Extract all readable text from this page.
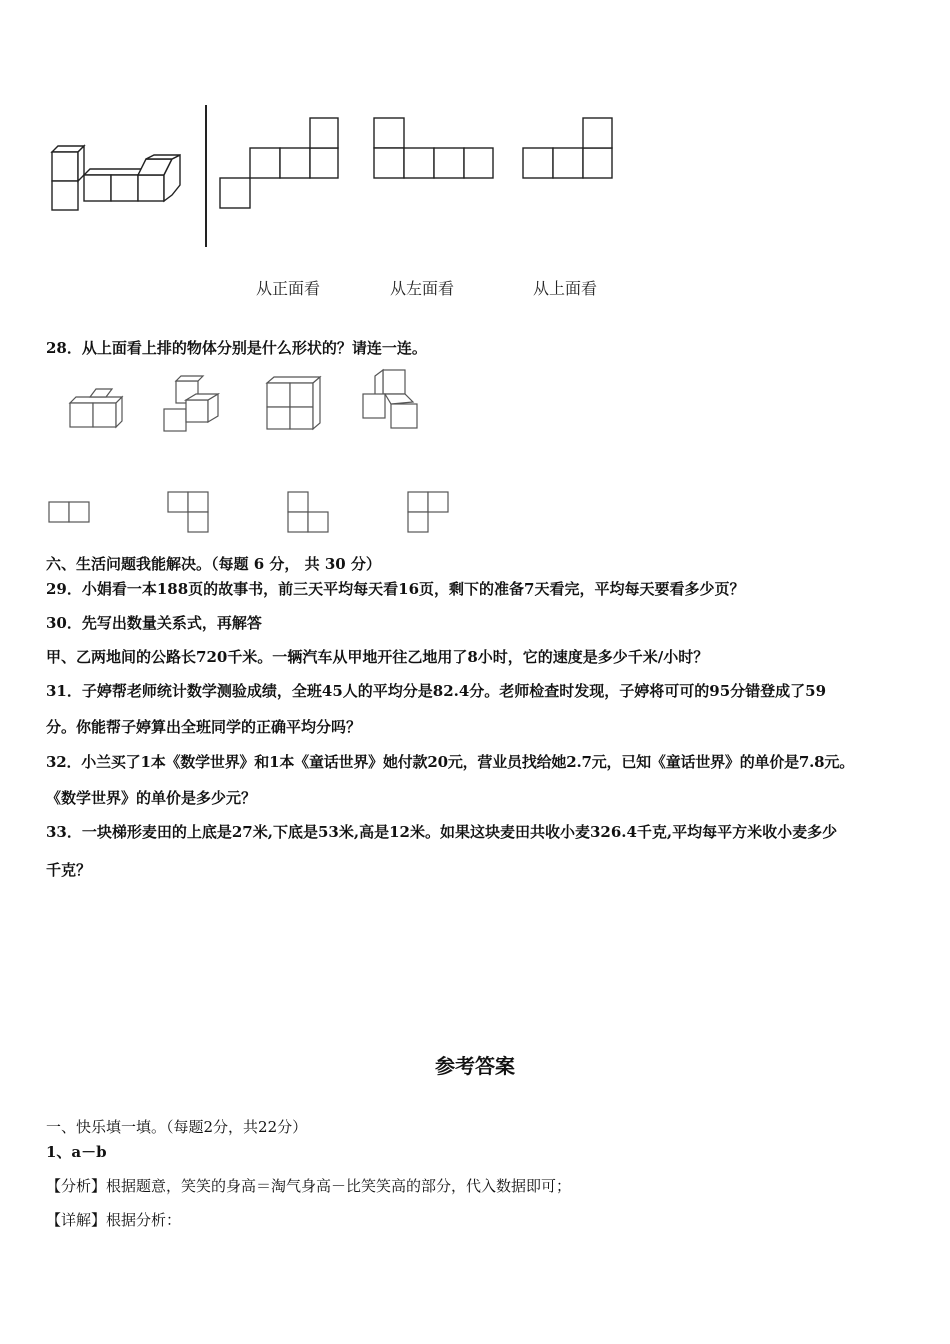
从正面看	从左面看	从上面看
28．从上面看上排的物体分别是什么形状的？请连一连。
六、生活问题我能解决。（每题 6 分， 共 30 分）
29．小娟看一本188页的故事书，前三天平均每天看16页，剩下的准备7天看完，平均每天要看多少页？
30．先写出数量关系式，再解答
甲、乙两地间的公路长720千米。一辆汽车从甲地开往乙地用了8小时，它的速度是多少千米/小时？
31．子婷帮老师统计数学测验成绩，全班45人的平均分是82.4分。老师检查时发现，子婷将可可的95分错登成了59
分。你能帮子婷算出全班同学的正确平均分吗？
32．小兰买了1本《数学世界》和1本《童话世界》她付款20元，营业员找给她2.7元，已知《童话世界》的单价是7.8元。
《数学世界》的单价是多少元？
33．一块梯形麦田的上底是27米,下底是53米,高是12米。如果这块麦田共收小麦326.4千克,平均每平方米收小麦多少
千克？
参考答案
一、快乐填一填。（每题2分，共22分）
1、a－b
【分析】根据题意，笑笑的身高＝淘气身高－比笑笑高的部分，代入数据即可；
【详解】根据分析：
